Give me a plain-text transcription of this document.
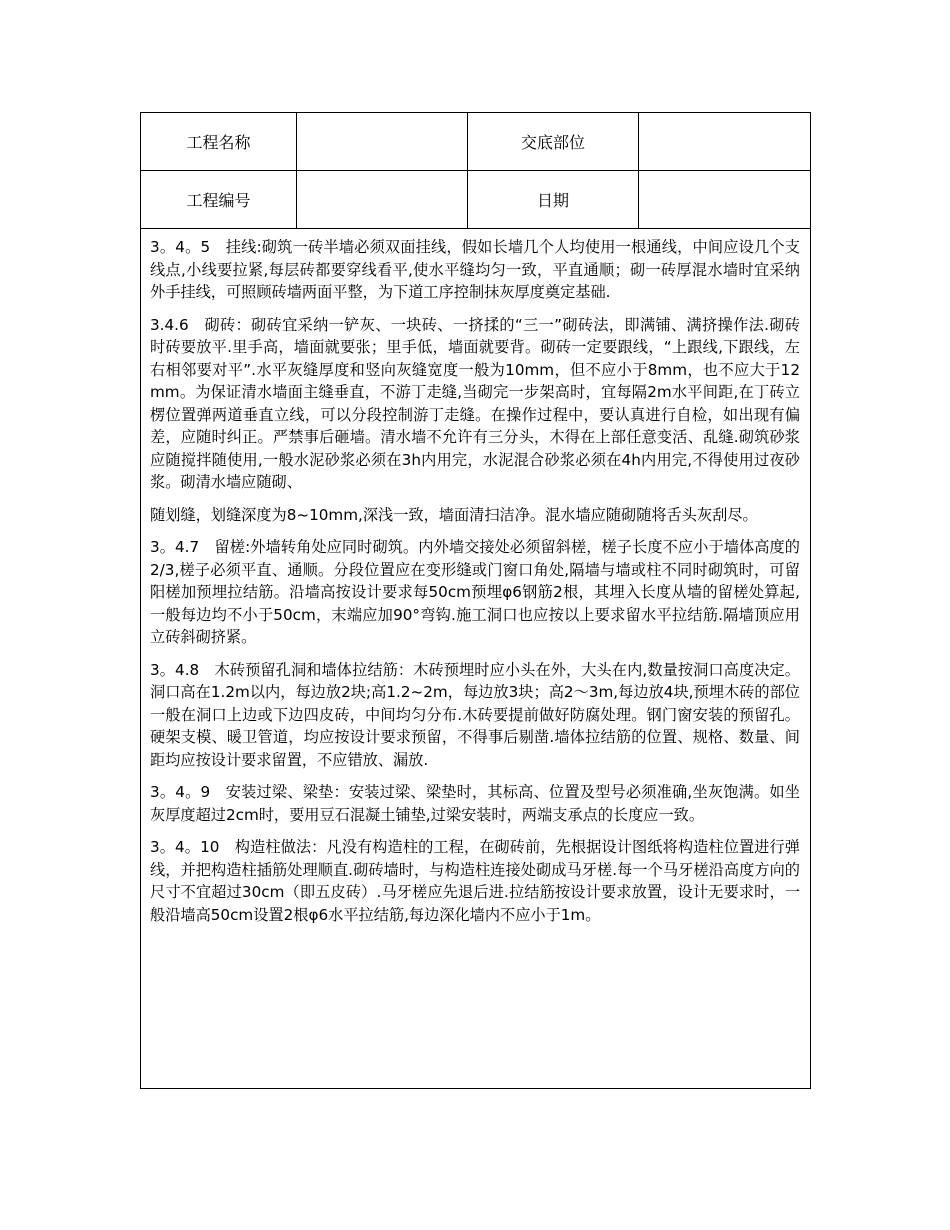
工程名称	交底部位
工程编号	日期

3。4。5　挂线:砌筑一砖半墙必须双面挂线，假如长墙几个人均使用一根通线，中间应设几个支线点,小线要拉紧,每层砖都要穿线看平,使水平缝均匀一致，平直通顺；砌一砖厚混水墙时宜采纳外手挂线，可照顾砖墙两面平整，为下道工序控制抹灰厚度奠定基础.

3.4.6　砌砖：砌砖宜采纳一铲灰、一块砖、一挤揉的“三一”砌砖法，即满铺、满挤操作法.砌砖时砖要放平.里手高，墙面就要张；里手低，墙面就要背。砌砖一定要跟线，“上跟线,下跟线，左右相邻要对平”.水平灰缝厚度和竖向灰缝宽度一般为10mm，但不应小于8mm，也不应大于12mm。为保证清水墙面主缝垂直，不游丁走缝,当砌完一步架高时，宜每隔2m水平间距,在丁砖立楞位置弹两道垂直立线，可以分段控制游丁走缝。在操作过程中，要认真进行自检，如出现有偏差，应随时纠正。严禁事后砸墙。清水墙不允许有三分头，木得在上部任意变活、乱缝.砌筑砂浆应随搅拌随使用,一般水泥砂浆必须在3h内用完，水泥混合砂浆必须在4h内用完,不得使用过夜砂浆。砌清水墙应随砌、

随划缝，划缝深度为8~10mm,深浅一致，墙面清扫洁净。混水墙应随砌随将舌头灰刮尽。

3。4.7　留槎:外墙转角处应同时砌筑。内外墙交接处必须留斜槎，槎子长度不应小于墙体高度的2/3,槎子必须平直、通顺。分段位置应在变形缝或门窗口角处,隔墙与墙或柱不同时砌筑时，可留阳槎加预埋拉结筋。沿墙高按设计要求每50cm预埋φ6钢筋2根，其埋入长度从墙的留槎处算起,一般每边均不小于50cm，末端应加90°弯钩.施工洞口也应按以上要求留水平拉结筋.隔墙顶应用立砖斜砌挤紧。

3。4.8　木砖预留孔洞和墙体拉结筋：木砖预埋时应小头在外，大头在内,数量按洞口高度决定。洞口高在1.2m以内，每边放2块;高1.2~2m，每边放3块；高2～3m,每边放4块,预埋木砖的部位一般在洞口上边或下边四皮砖，中间均匀分布.木砖要提前做好防腐处理。钢门窗安装的预留孔。硬架支模、暖卫管道，均应按设计要求预留，不得事后剔凿.墙体拉结筋的位置、规格、数量、间距均应按设计要求留置，不应错放、漏放.

3。4。9　安装过梁、梁垫：安装过梁、梁垫时，其标高、位置及型号必须准确,坐灰饱满。如坐灰厚度超过2cm时，要用豆石混凝土铺垫,过梁安装时，两端支承点的长度应一致。

3。4。10　构造柱做法：凡没有构造柱的工程，在砌砖前，先根据设计图纸将构造柱位置进行弹线，并把构造柱插筋处理顺直.砌砖墙时，与构造柱连接处砌成马牙槎.每一个马牙槎沿高度方向的尺寸不宜超过30cm（即五皮砖）.马牙槎应先退后进.拉结筋按设计要求放置，设计无要求时，一般沿墙高50cm设置2根φ6水平拉结筋,每边深化墙内不应小于1m。
